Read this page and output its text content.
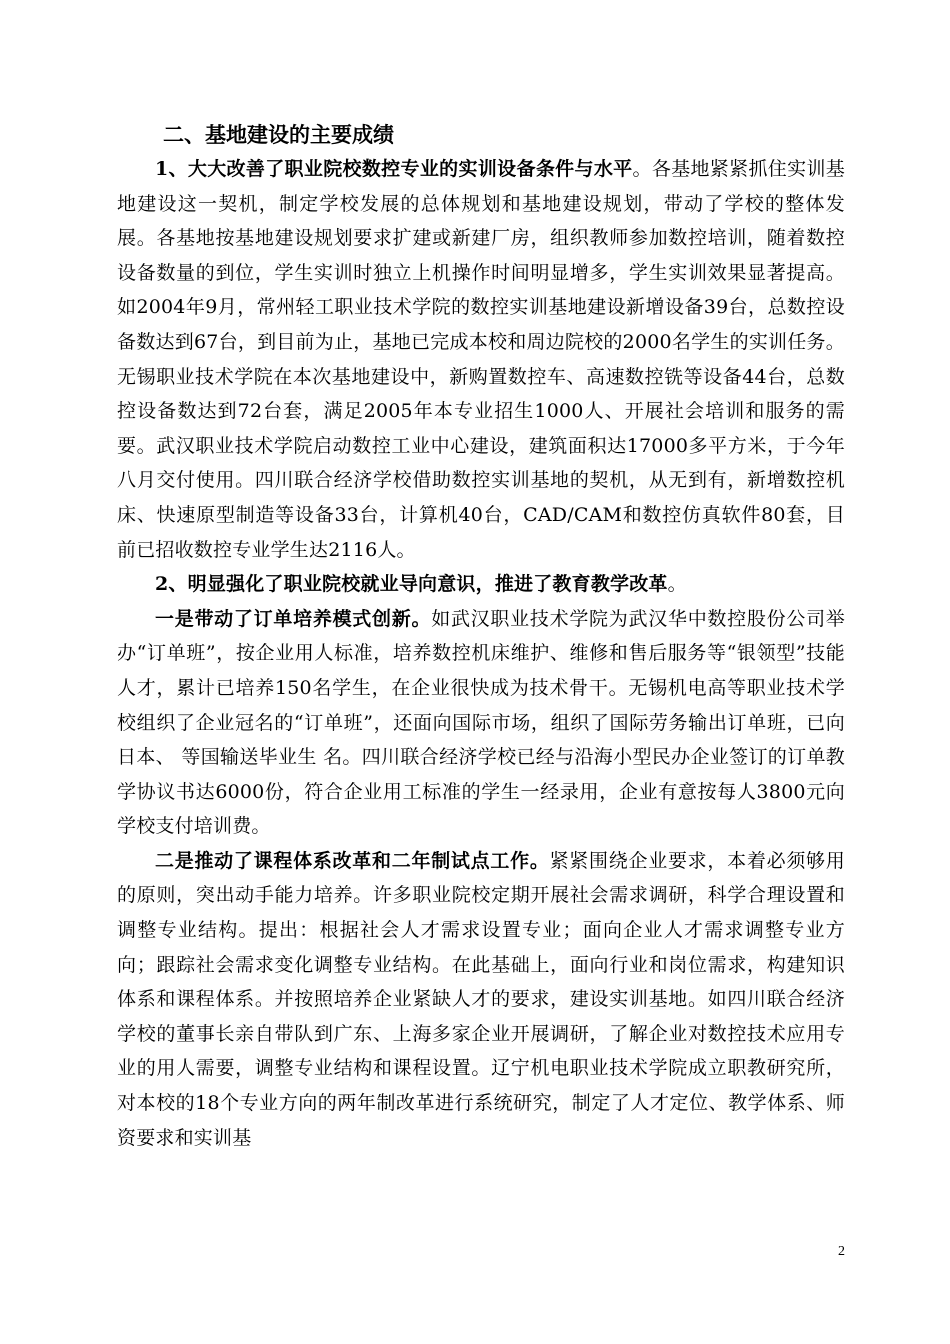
二、基地建设的主要成绩

1、大大改善了职业院校数控专业的实训设备条件与水平。各基地紧紧抓住实训基地建设这一契机，制定学校发展的总体规划和基地建设规划，带动了学校的整体发展。各基地按基地建设规划要求扩建或新建厂房，组织教师参加数控培训，随着数控设备数量的到位，学生实训时独立上机操作时间明显增多，学生实训效果显著提高。如2004年9月，常州轻工职业技术学院的数控实训基地建设新增设备39台，总数控设备数达到67台，到目前为止，基地已完成本校和周边院校的2000名学生的实训任务。无锡职业技术学院在本次基地建设中，新购置数控车、高速数控铣等设备44台，总数控设备数达到72台套，满足2005年本专业招生1000人、开展社会培训和服务的需要。武汉职业技术学院启动数控工业中心建设，建筑面积达17000多平方米，于今年八月交付使用。四川联合经济学校借助数控实训基地的契机，从无到有，新增数控机床、快速原型制造等设备33台，计算机40台，CAD/CAM和数控仿真软件80套，目前已招收数控专业学生达2116人。

2、明显强化了职业院校就业导向意识，推进了教育教学改革。

一是带动了订单培养模式创新。如武汉职业技术学院为武汉华中数控股份公司举办“订单班”，按企业用人标准，培养数控机床维护、维修和售后服务等“银领型”技能人才，累计已培养150名学生，在企业很快成为技术骨干。无锡机电高等职业技术学校组织了企业冠名的“订单班”，还面向国际市场，组织了国际劳务输出订单班，已向日本、 等国输送毕业生 名。四川联合经济学校已经与沿海小型民办企业签订的订单教学协议书达6000份，符合企业用工标准的学生一经录用，企业有意按每人3800元向学校支付培训费。

二是推动了课程体系改革和二年制试点工作。紧紧围绕企业要求，本着必须够用的原则，突出动手能力培养。许多职业院校定期开展社会需求调研，科学合理设置和调整专业结构。提出：根据社会人才需求设置专业；面向企业人才需求调整专业方向；跟踪社会需求变化调整专业结构。在此基础上，面向行业和岗位需求，构建知识体系和课程体系。并按照培养企业紧缺人才的要求，建设实训基地。如四川联合经济学校的董事长亲自带队到广东、上海多家企业开展调研，了解企业对数控技术应用专业的用人需要，调整专业结构和课程设置。辽宁机电职业技术学院成立职教研究所，对本校的18个专业方向的两年制改革进行系统研究，制定了人才定位、教学体系、师资要求和实训基

2
